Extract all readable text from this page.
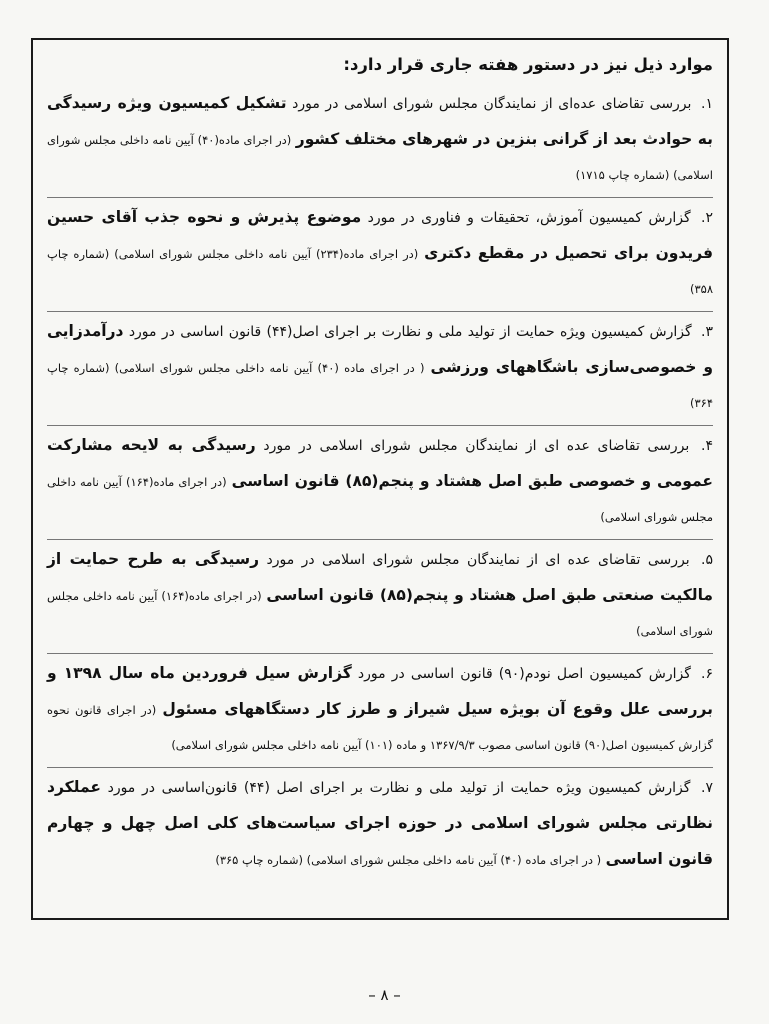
موارد ذیل نیز در دستور هفته جاری قرار دارد:

۱. بررسی تقاضای عده‌ای از نمایندگان مجلس شورای اسلامی در مورد تشکیل کمیسیون ویژه رسیدگی به حوادث بعد از گرانی بنزین در شهرهای مختلف کشور (در اجرای ماده(۴۰) آیین نامه داخلی مجلس شورای اسلامی) (شماره چاپ ۱۷۱۵)

۲. گزارش کمیسیون آموزش، تحقیقات و فناوری در مورد موضوع پذیرش و نحوه جذب آقای حسین فریدون برای تحصیل در مقطع دکتری (در اجرای ماده(۲۳۴) آیین نامه داخلی مجلس شورای اسلامی) (شماره چاپ ۳۵۸)

۳. گزارش کمیسیون ویژه حمایت از تولید ملی و نظارت بر اجرای اصل(۴۴) قانون اساسی در مورد درآمدزایی و خصوصی‌سازی باشگاههای ورزشی ( در اجرای ماده (۴۰) آیین نامه داخلی مجلس شورای اسلامی) (شماره چاپ ۳۶۴)

۴. بررسی تقاضای عده ای از نمایندگان مجلس شورای اسلامی در مورد رسیدگی به لایحه مشارکت عمومی و خصوصی طبق اصل هشتاد و پنجم(۸۵) قانون اساسی (در اجرای ماده(۱۶۴) آیین نامه داخلی مجلس شورای اسلامی)

۵. بررسی تقاضای عده ای از نمایندگان مجلس شورای اسلامی در مورد رسیدگی به طرح حمایت از مالکیت صنعتی طبق اصل هشتاد و پنجم(۸۵) قانون اساسی (در اجرای ماده(۱۶۴) آیین نامه داخلی مجلس شورای اسلامی)

۶. گزارش کمیسیون اصل نودم(۹۰) قانون اساسی در مورد گزارش سیل فروردین ماه سال ۱۳۹۸ و بررسی علل وقوع آن بویژه سیل شیراز و طرز کار دستگاههای مسئول (در اجرای قانون نحوه گزارش کمیسیون اصل(۹۰) قانون اساسی مصوب ۱۳۶۷/۹/۳ و ماده (۱۰۱) آیین نامه داخلی مجلس شورای اسلامی)

۷. گزارش کمیسیون ویژه حمایت از تولید ملی و نظارت بر اجرای اصل (۴۴) قانون‌اساسی در مورد عملکرد نظارتی مجلس شورای اسلامی در حوزه اجرای سیاست‌های کلی اصل چهل و چهارم قانون اساسی ( در اجرای ماده (۴۰) آیین نامه داخلی مجلس شورای اسلامی) (شماره چاپ ۳۶۵)

– ۸ –
